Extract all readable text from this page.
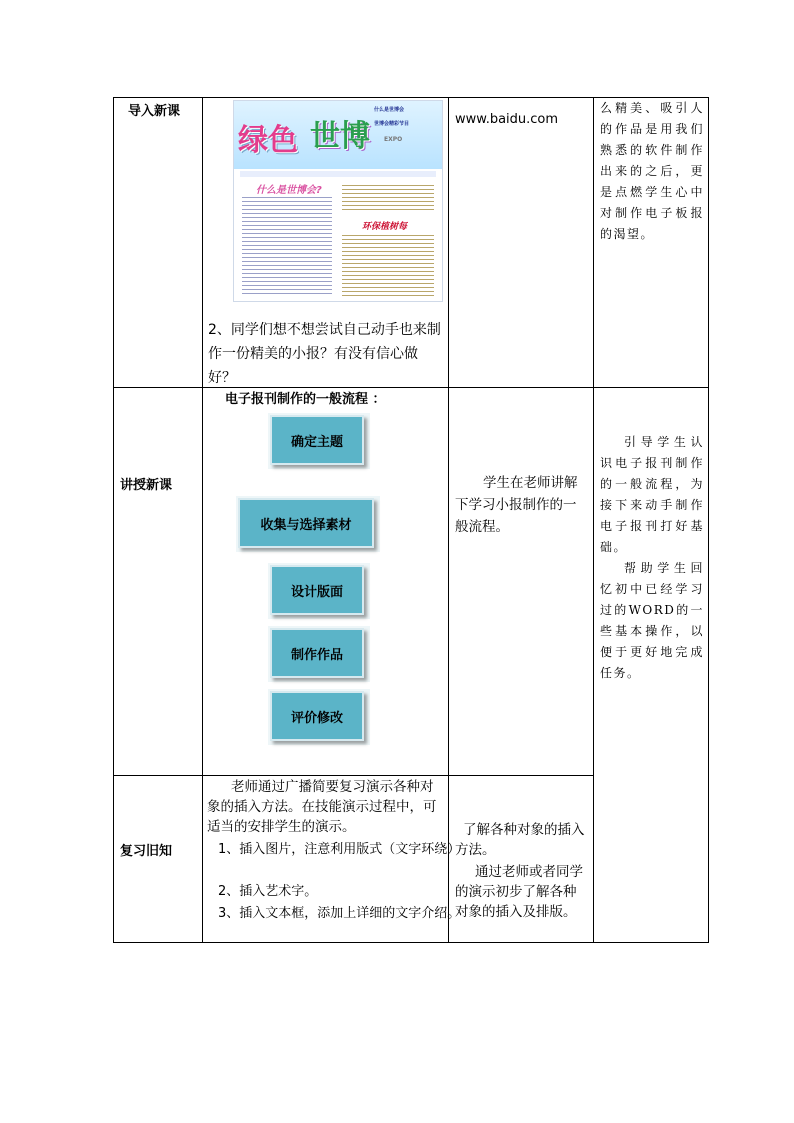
导入新课
绿色 世博
什么是世博会
世博会精彩节目
EXPO
什么是世博会?
环保植树每
2、同学们想不想尝试自己动手也来制作一份精美的小报？有没有信心做好？
www.baidu.com
么精美、吸引人的作品是用我们熟悉的软件制作出来的之后，更是点燃学生心中对制作电子板报的渴望。
讲授新课
电子报刊制作的一般流程 ：
确定主题
收集与选择素材
设计版面
制作作品
评价修改
学生在老师讲解下学习小报制作的一般流程。
引导学生认识电子报刊制作的一般流程，为接下来动手制作电子报刊打好基础。
帮助学生回忆初中已经学习过的WORD的一些基本操作，以便于更好地完成任务。
复习旧知
老师通过广播简要复习演示各种对象的插入方法。在技能演示过程中，可适当的安排学生的演示。
1、插入图片，注意利用版式（文字环绕）
2、插入艺术字。
3、插入文本框，添加上详细的文字介绍。
了解各种对象的插入方法。
通过老师或者同学的演示初步了解各种对象的插入及排版。
